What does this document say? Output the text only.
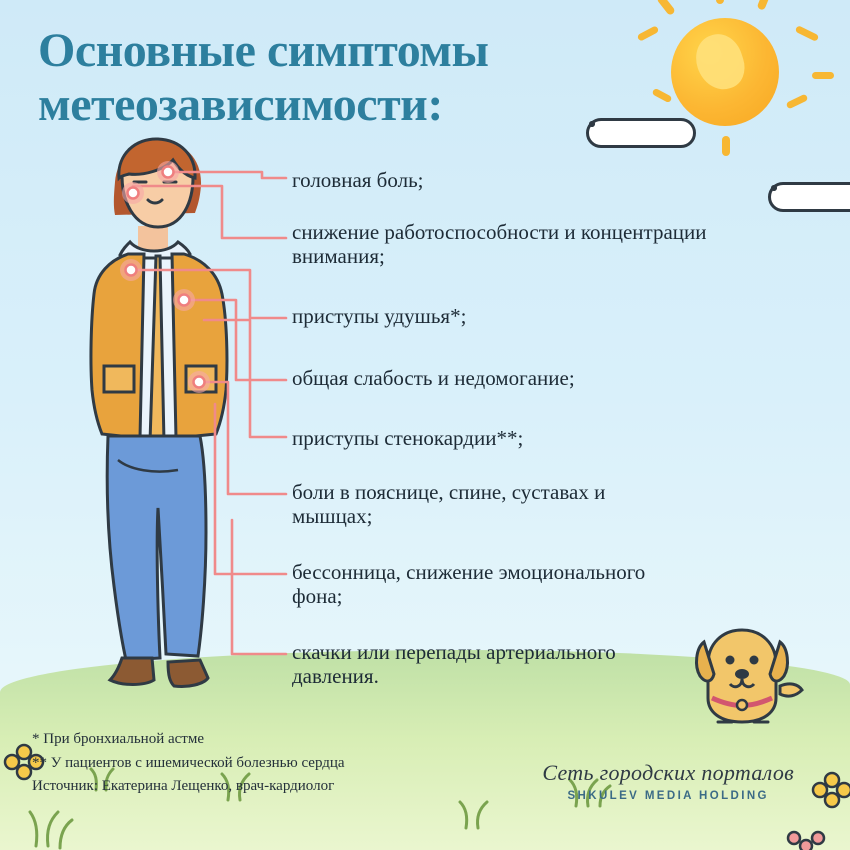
Основные симптомы метеозависимости:
головная боль;
снижение работоспособности и концентрации внимания;
приступы удушья*;
общая слабость и недомогание;
приступы стенокардии**;
боли в пояснице, спине, суставах и мышцах;
бессонница, снижение эмоционального фона;
скачки или перепады артериального давления.
* При бронхиальной астме
** У пациентов с ишемической болезнью сердца
Источник: Екатерина Лещенко, врач-кардиолог
Сеть городских порталов
SHKULEV MEDIA HOLDING
